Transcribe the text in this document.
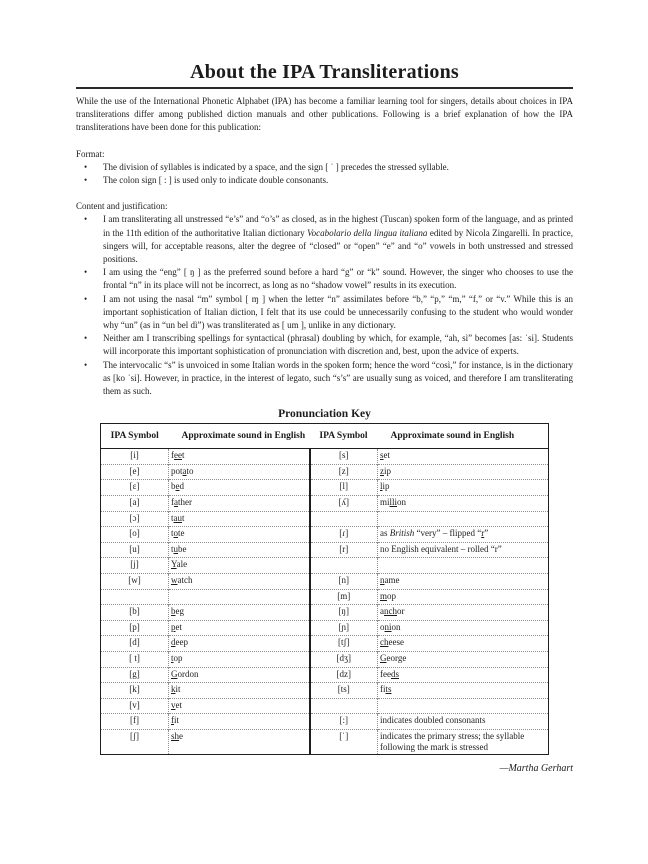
About the IPA Transliterations

While the use of the International Phonetic Alphabet (IPA) has become a familiar learning tool for singers, details about choices in IPA transliterations differ among published diction manuals and other publications. Following is a brief explanation of how the IPA transliterations have been done for this publication:

Format:

• The division of syllables is indicated by a space, and the sign [ ˈ ] precedes the stressed syllable.
• The colon sign [ : ] is used only to indicate double consonants.

Content and justification:

• I am transliterating all unstressed “e’s” and “o’s” as closed, as in the highest (Tuscan) spoken form of the language, and as printed in the 11th edition of the authoritative Italian dictionary Vocabolario della lingua italiana edited by Nicola Zingarelli. In practice, singers will, for acceptable reasons, alter the degree of “closed” or “open” “e” and “o” vowels in both unstressed and stressed positions.
• I am using the “eng” [ ŋ ] as the preferred sound before a hard “g” or “k” sound. However, the singer who chooses to use the frontal “n” in its place will not be incorrect, as long as no “shadow vowel” results in its execution.
• I am not using the nasal “m” symbol [ ɱ ] when the letter “n” assimilates before “b,” “p,” “m,” “f,” or “v.” While this is an important sophistication of Italian diction, I felt that its use could be unnecessarily confusing to the student who would wonder why “un” (as in “un bel dì”) was transliterated as [ um ], unlike in any dictionary.
• Neither am I transcribing spellings for syntactical (phrasal) doubling by which, for example, “ah, sì” becomes [as: ˈsi]. Students will incorporate this important sophistication of pronunciation with discretion and, best, upon the advice of experts.
• The intervocalic “s” is unvoiced in some Italian words in the spoken form; hence the word “così,” for instance, is in the dictionary as [ko ˈsi]. However, in practice, in the interest of legato, such “s’s” are usually sung as voiced, and therefore I am transliterating them as such.
Pronunciation Key
IPA Symbol	Approximate sound in English	IPA Symbol	Approximate sound in English
[i]	feet	[s]	set
[e]	potato	[z]	zip
[ɛ]	bed	[l]	lip
[a]	father	[ʎ]	million
[ɔ]	taut		
[o]	tote	[ɾ]	as British “very” – flipped “r”
[u]	tube	[r]	no English equivalent – rolled “r”
[j]	Yale		
[w]	watch	[n]	name
		[m]	mop
[b]	beg	[ŋ]	anchor
[p]	pet	[ɲ]	onion
[d]	deep	[tʃ]	cheese
[ t]	top	[dʒ]	George
[g]	Gordon	[dz]	feeds
[k]	kit	[ts]	fits
[v]	vet		
[f]	fit	[:]	indicates doubled consonants
[ʃ]	she	[ˈ]	indicates the primary stress; the syllable following the mark is stressed
—Martha Gerhart
